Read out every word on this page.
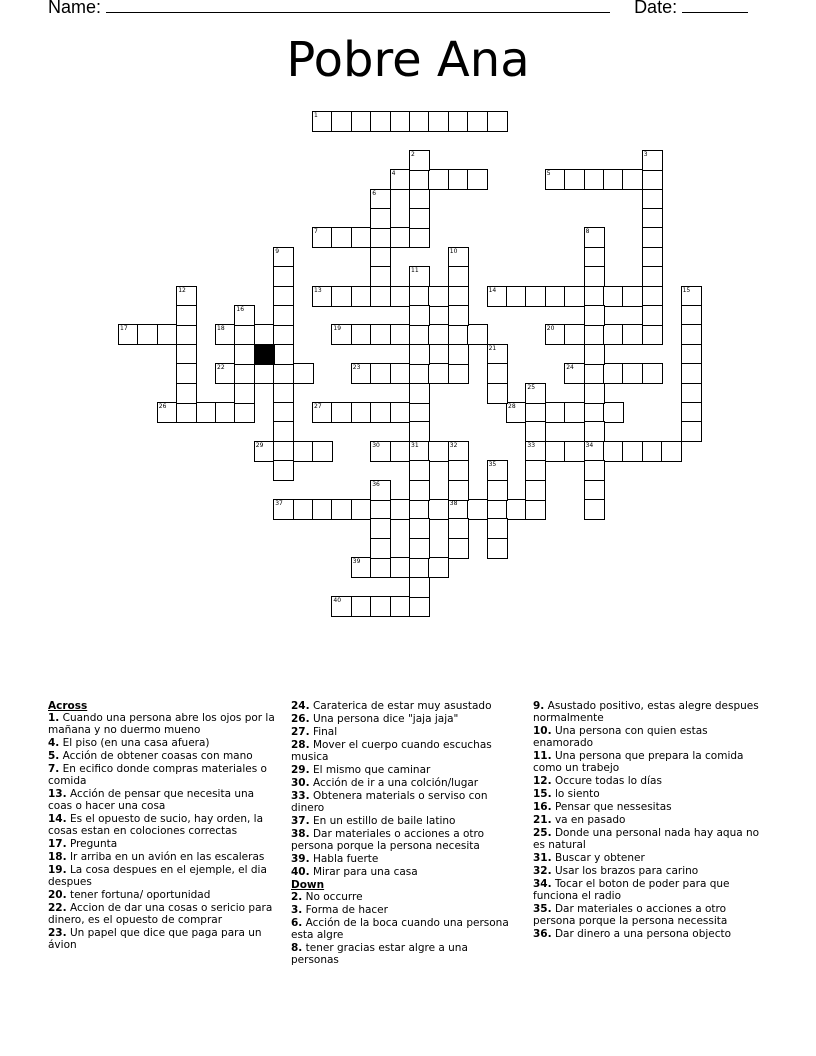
Name:	Date:
Pobre Ana
1
2	3
4	5
6
7	8
9	10
11
12	13	14	15
16
17	18	19	20
21
22	23	24
25
26	27	28
29	30	31	32	33	34
35
36
37	38
39
40
Across
1. Cuando una persona abre los ojos por la mañana y no duermo mueno
4. El piso (en una casa afuera)
5. Acción de obtener coasas con mano
7. En ecifico donde compras materiales o comida
13. Acción de pensar que necesita una coas o hacer una cosa
14. Es el opuesto de sucio, hay orden, la cosas estan en colociones correctas
17. Pregunta
18. Ir arriba en un avión en las escaleras
19. La cosa despues en el ejemple, el dia despues
20. tener fortuna/ oportunidad
22. Accion de dar una cosas o sericio para dinero, es el opuesto de comprar
23. Un papel que dice que paga para un ávion
24. Caraterica de estar muy asustado
26. Una persona dice "jaja jaja"
27. Final
28. Mover el cuerpo cuando escuchas musica
29. El mismo que caminar
30. Acción de ir a una colción/lugar
33. Obtenera materials o serviso con dinero
37. En un estillo de baile latino
38. Dar materiales o acciones a otro persona porque la persona necesita
39. Habla fuerte
40. Mirar para una casa
Down
2. No occurre
3. Forma de hacer
6. Acción de la boca cuando una persona esta algre
8. tener gracias estar algre a una personas
9. Asustado positivo, estas alegre despues normalmente
10. Una persona con quien estas enamorado
11. Una persona que prepara la comida como un trabejo
12. Occure todas lo días
15. lo siento
16. Pensar que nessesitas
21. va en pasado
25. Donde una personal nada hay aqua no es natural
31. Buscar y obtener
32. Usar los brazos para carino
34. Tocar el boton de poder para que funciona el radio
35. Dar materiales o acciones a otro persona porque la persona necessita
36. Dar dinero a una persona objecto
